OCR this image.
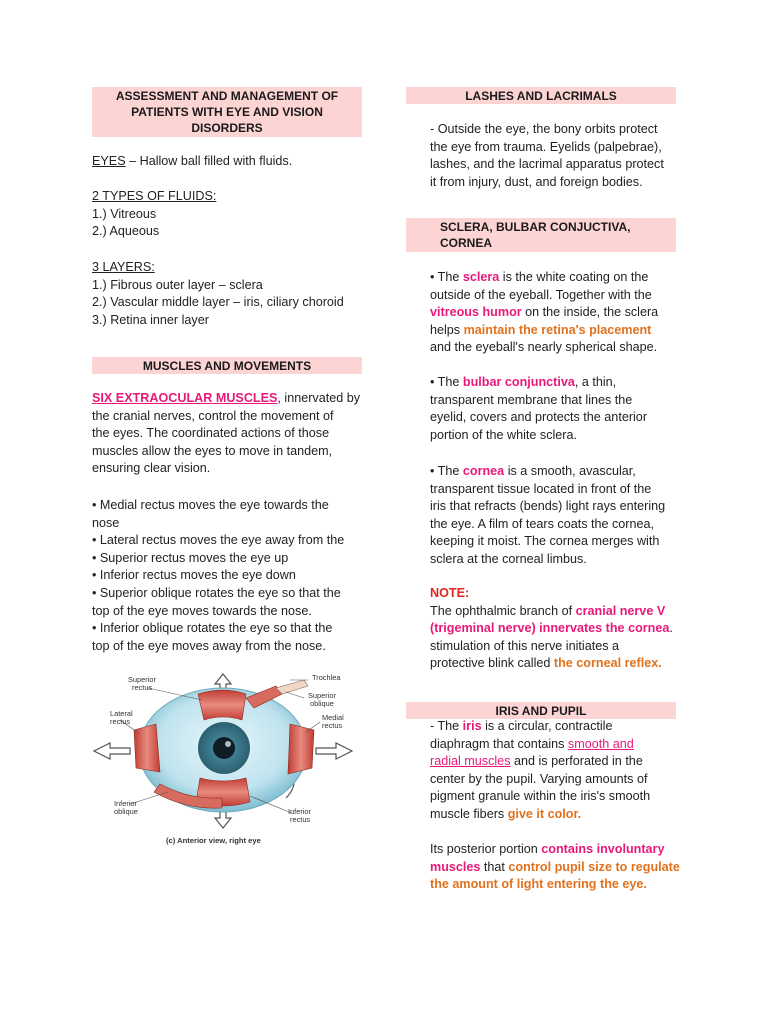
ASSESSMENT AND MANAGEMENT OF
PATIENTS WITH EYE AND VISION
DISORDERS

EYES – Hallow ball filled with fluids.

2 TYPES OF FLUIDS:

1.) Vitreous

2.) Aqueous

3 LAYERS:

1.) Fibrous outer layer – sclera

2.) Vascular middle layer – iris, ciliary choroid

3.) Retina inner layer

MUSCLES AND MOVEMENTS

SIX EXTRAOCULAR MUSCLES, innervated by

the cranial nerves, control the movement of

the eyes. The coordinated actions of those

muscles allow the eyes to move in tandem,

ensuring clear vision.

• Medial rectus moves the eye towards the

nose

• Lateral rectus moves the eye away from the

• Superior rectus moves the eye up

• Inferior rectus moves the eye down

• Superior oblique rotates the eye so that the

top of the eye moves towards the nose.

• Inferior oblique rotates the eye so that the

top of the eye moves away from the nose.

Superior
rectus
Trochlea
Superior
oblique
Lateral
rectus	Medial
rectus
Inferior
oblique	Inferior
rectus
(c) Anterior view, right eye
LASHES AND LACRIMALS

- Outside the eye, the bony orbits protect

the eye from trauma. Eyelids (palpebrae),

lashes, and the lacrimal apparatus protect

it from injury, dust, and foreign bodies.

SCLERA, BULBAR CONJUCTIVA,
CORNEA

• The sclera is the white coating on the

outside of the eyeball. Together with the

vitreous humor on the inside, the sclera

helps maintain the retina's placement

and the eyeball's nearly spherical shape.

• The bulbar conjunctiva, a thin,

transparent membrane that lines the

eyelid, covers and protects the anterior

portion of the white sclera.

• The cornea is a smooth, avascular,

transparent tissue located in front of the

iris that refracts (bends) light rays entering

the eye. A film of tears coats the cornea,

keeping it moist. The cornea merges with

sclera at the corneal limbus.

NOTE:

The ophthalmic branch of cranial nerve V

(trigeminal nerve) innervates the cornea.

stimulation of this nerve initiates a

protective blink called the corneal reflex.

IRIS AND PUPIL

- The iris is a circular, contractile

diaphragm that contains smooth and

radial muscles and is perforated in the

center by the pupil. Varying amounts of

pigment granule within the iris's smooth

muscle fibers give it color.

Its posterior portion contains involuntary

muscles that control pupil size to regulate

the amount of light entering the eye.
